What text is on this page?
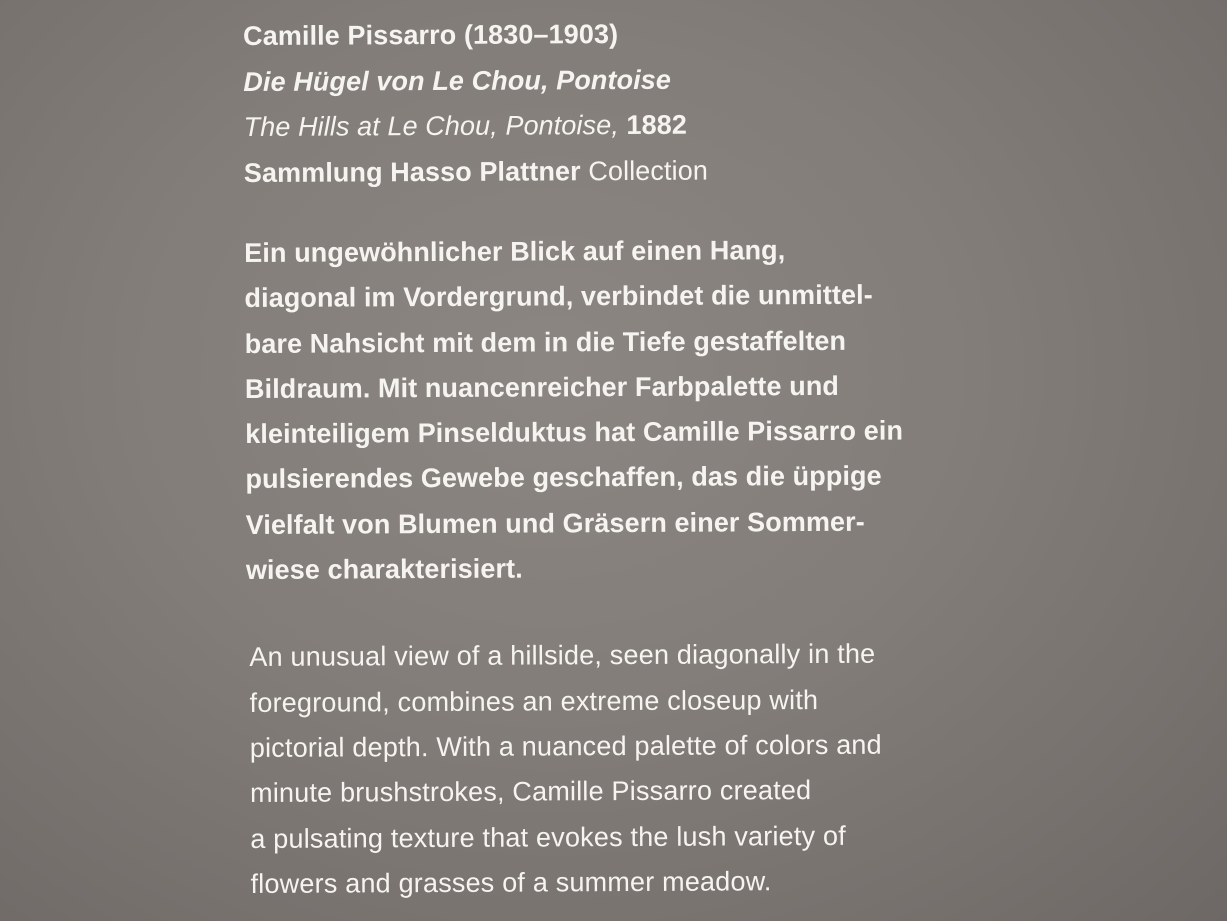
Camille Pissarro (1830–1903)
Die Hügel von Le Chou, Pontoise
The Hills at Le Chou, Pontoise, 1882
Sammlung Hasso Plattner Collection
Ein ungewöhnlicher Blick auf einen Hang,
diagonal im Vordergrund, verbindet die unmittel-
bare Nahsicht mit dem in die Tiefe gestaffelten
Bildraum. Mit nuancenreicher Farbpalette und
kleinteiligem Pinselduktus hat Camille Pissarro ein
pulsierendes Gewebe geschaffen, das die üppige
Vielfalt von Blumen und Gräsern einer Sommer-
wiese charakterisiert.
An unusual view of a hillside, seen diagonally in the
foreground, combines an extreme closeup with
pictorial depth. With a nuanced palette of colors and
minute brushstrokes, Camille Pissarro created
a pulsating texture that evokes the lush variety of
flowers and grasses of a summer meadow.
